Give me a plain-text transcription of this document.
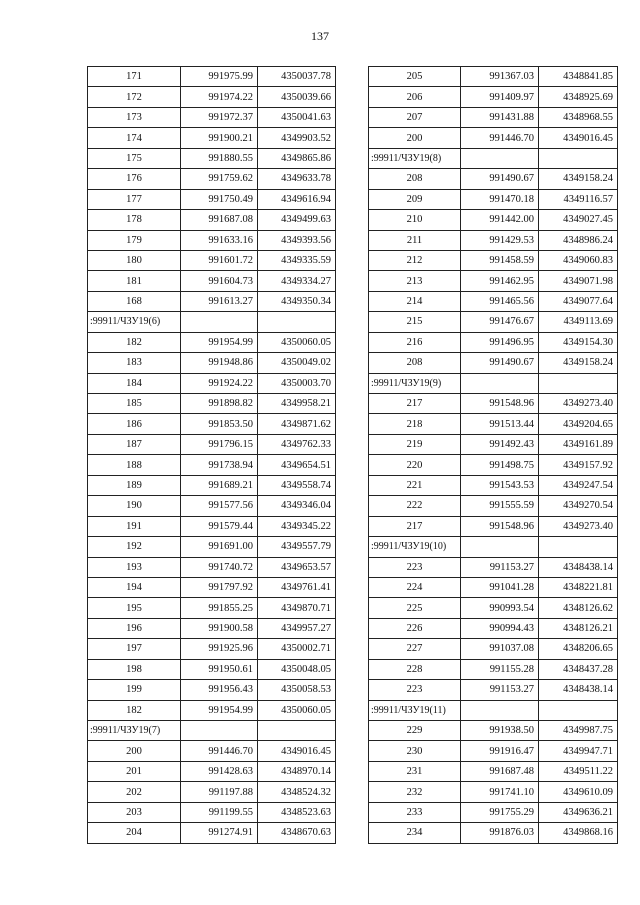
137
171	991975.99	4350037.78
172	991974.22	4350039.66
173	991972.37	4350041.63
174	991900.21	4349903.52
175	991880.55	4349865.86
176	991759.62	4349633.78
177	991750.49	4349616.94
178	991687.08	4349499.63
179	991633.16	4349393.56
180	991601.72	4349335.59
181	991604.73	4349334.27
168	991613.27	4349350.34
:99911/ЧЗУ19(6)		
182	991954.99	4350060.05
183	991948.86	4350049.02
184	991924.22	4350003.70
185	991898.82	4349958.21
186	991853.50	4349871.62
187	991796.15	4349762.33
188	991738.94	4349654.51
189	991689.21	4349558.74
190	991577.56	4349346.04
191	991579.44	4349345.22
192	991691.00	4349557.79
193	991740.72	4349653.57
194	991797.92	4349761.41
195	991855.25	4349870.71
196	991900.58	4349957.27
197	991925.96	4350002.71
198	991950.61	4350048.05
199	991956.43	4350058.53
182	991954.99	4350060.05
:99911/ЧЗУ19(7)		
200	991446.70	4349016.45
201	991428.63	4348970.14
202	991197.88	4348524.32
203	991199.55	4348523.63
204	991274.91	4348670.63
205	991367.03	4348841.85
206	991409.97	4348925.69
207	991431.88	4348968.55
200	991446.70	4349016.45
:99911/ЧЗУ19(8)		
208	991490.67	4349158.24
209	991470.18	4349116.57
210	991442.00	4349027.45
211	991429.53	4348986.24
212	991458.59	4349060.83
213	991462.95	4349071.98
214	991465.56	4349077.64
215	991476.67	4349113.69
216	991496.95	4349154.30
208	991490.67	4349158.24
:99911/ЧЗУ19(9)		
217	991548.96	4349273.40
218	991513.44	4349204.65
219	991492.43	4349161.89
220	991498.75	4349157.92
221	991543.53	4349247.54
222	991555.59	4349270.54
217	991548.96	4349273.40
:99911/ЧЗУ19(10)		
223	991153.27	4348438.14
224	991041.28	4348221.81
225	990993.54	4348126.62
226	990994.43	4348126.21
227	991037.08	4348206.65
228	991155.28	4348437.28
223	991153.27	4348438.14
:99911/ЧЗУ19(11)		
229	991938.50	4349987.75
230	991916.47	4349947.71
231	991687.48	4349511.22
232	991741.10	4349610.09
233	991755.29	4349636.21
234	991876.03	4349868.16
